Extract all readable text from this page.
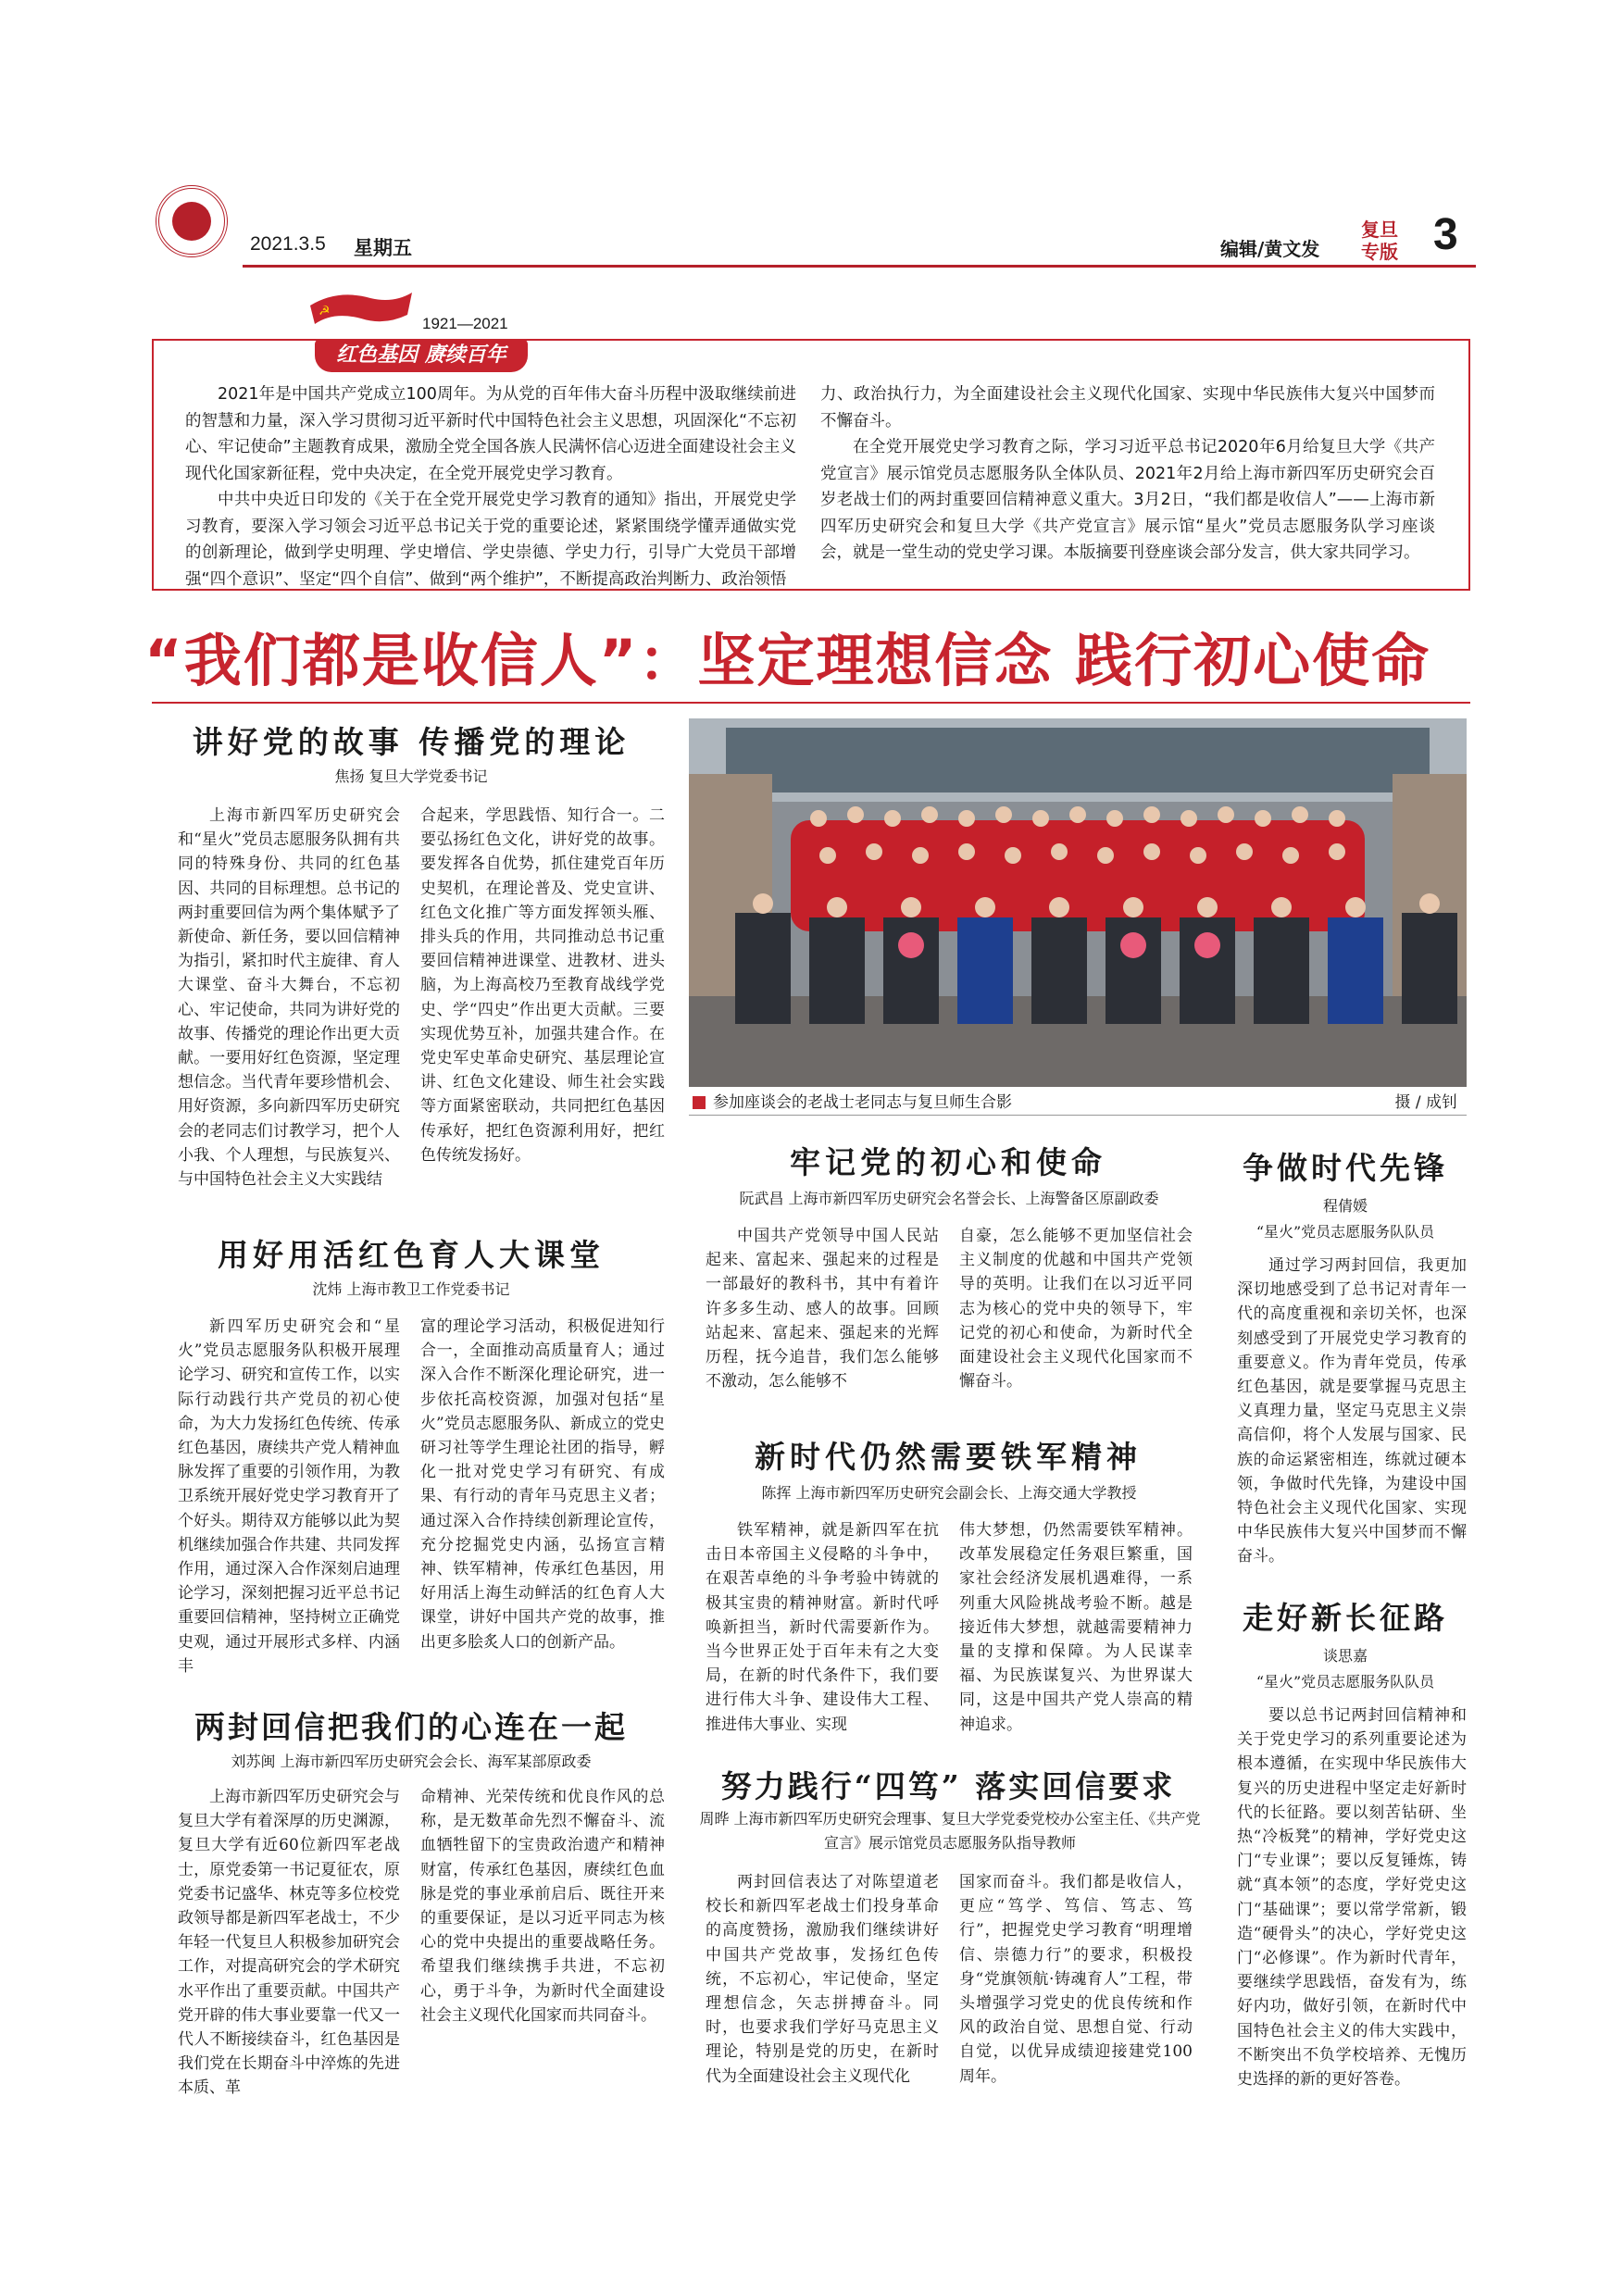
2021.3.5 星期五	编辑/黄文发
复旦
专版 3
☭
1921—2021
红色基因 赓续百年

2021年是中国共产党成立100周年。为从党的百年伟大奋斗历程中汲取继续前进的智慧和力量，深入学习贯彻习近平新时代中国特色社会主义思想，巩固深化“不忘初心、牢记使命”主题教育成果，激励全党全国各族人民满怀信心迈进全面建设社会主义现代化国家新征程，党中央决定，在全党开展党史学习教育。

中共中央近日印发的《关于在全党开展党史学习教育的通知》指出，开展党史学习教育，要深入学习领会习近平总书记关于党的重要论述，紧紧围绕学懂弄通做实党的创新理论，做到学史明理、学史增信、学史崇德、学史力行，引导广大党员干部增强“四个意识”、坚定“四个自信”、做到“两个维护”，不断提高政治判断力、政治领悟

力、政治执行力，为全面建设社会主义现代化国家、实现中华民族伟大复兴中国梦而不懈奋斗。

在全党开展党史学习教育之际，学习习近平总书记2020年6月给复旦大学《共产党宣言》展示馆党员志愿服务队全体队员、2021年2月给上海市新四军历史研究会百岁老战士们的两封重要回信精神意义重大。3月2日，“我们都是收信人”——上海市新四军历史研究会和复旦大学《共产党宣言》展示馆“星火”党员志愿服务队学习座谈会，就是一堂生动的党史学习课。本版摘要刊登座谈会部分发言，供大家共同学习。

“我们都是收信人”：坚定理想信念 践行初心使命
讲好党的故事 传播党的理论
焦扬 复旦大学党委书记

上海市新四军历史研究会和“星火”党员志愿服务队拥有共同的特殊身份、共同的红色基因、共同的目标理想。总书记的两封重要回信为两个集体赋予了新使命、新任务，要以回信精神为指引，紧扣时代主旋律、育人大课堂、奋斗大舞台，不忘初心、牢记使命，共同为讲好党的故事、传播党的理论作出更大贡献。一要用好红色资源，坚定理想信念。当代青年要珍惜机会、用好资源，多向新四军历史研究会的老同志们讨教学习，把个人小我、个人理想，与民族复兴、与中国特色社会主义大实践结

合起来，学思践悟、知行合一。二要弘扬红色文化，讲好党的故事。要发挥各自优势，抓住建党百年历史契机，在理论普及、党史宣讲、红色文化推广等方面发挥领头雁、排头兵的作用，共同推动总书记重要回信精神进课堂、进教材、进头脑，为上海高校乃至教育战线学党史、学“四史”作出更大贡献。三要实现优势互补，加强共建合作。在党史军史革命史研究、基层理论宣讲、红色文化建设、师生社会实践等方面紧密联动，共同把红色基因传承好，把红色资源利用好，把红色传统发扬好。

参加座谈会的老战士老同志与复旦师生合影	摄 / 成钊
用好用活红色育人大课堂
沈炜 上海市教卫工作党委书记

新四军历史研究会和“星火”党员志愿服务队积极开展理论学习、研究和宣传工作，以实际行动践行共产党员的初心使命，为大力发扬红色传统、传承红色基因，赓续共产党人精神血脉发挥了重要的引领作用，为教卫系统开展好党史学习教育开了个好头。期待双方能够以此为契机继续加强合作共建、共同发挥作用，通过深入合作深刻启迪理论学习，深刻把握习近平总书记重要回信精神，坚持树立正确党史观，通过开展形式多样、内涵丰

富的理论学习活动，积极促进知行合一，全面推动高质量育人；通过深入合作不断深化理论研究，进一步依托高校资源，加强对包括“星火”党员志愿服务队、新成立的党史研习社等学生理论社团的指导，孵化一批对党史学习有研究、有成果、有行动的青年马克思主义者；通过深入合作持续创新理论宣传，充分挖掘党史内涵，弘扬宣言精神、铁军精神，传承红色基因，用好用活上海生动鲜活的红色育人大课堂，讲好中国共产党的故事，推出更多脍炙人口的创新产品。

两封回信把我们的心连在一起
刘苏闽 上海市新四军历史研究会会长、海军某部原政委

上海市新四军历史研究会与复旦大学有着深厚的历史渊源，复旦大学有近60位新四军老战士，原党委第一书记夏征农，原党委书记盛华、林克等多位校党政领导都是新四军老战士，不少年轻一代复旦人积极参加研究会工作，对提高研究会的学术研究水平作出了重要贡献。中国共产党开辟的伟大事业要靠一代又一代人不断接续奋斗，红色基因是我们党在长期奋斗中淬炼的先进本质、革

命精神、光荣传统和优良作风的总称，是无数革命先烈不懈奋斗、流血牺牲留下的宝贵政治遗产和精神财富，传承红色基因，赓续红色血脉是党的事业承前启后、既往开来的重要保证，是以习近平同志为核心的党中央提出的重要战略任务。希望我们继续携手共进，不忘初心，勇于斗争，为新时代全面建设社会主义现代化国家而共同奋斗。

牢记党的初心和使命
阮武昌 上海市新四军历史研究会名誉会长、上海警备区原副政委

中国共产党领导中国人民站起来、富起来、强起来的过程是一部最好的教科书，其中有着许许多多生动、感人的故事。回顾站起来、富起来、强起来的光辉历程，抚今追昔，我们怎么能够不激动，怎么能够不

自豪，怎么能够不更加坚信社会主义制度的优越和中国共产党领导的英明。让我们在以习近平同志为核心的党中央的领导下，牢记党的初心和使命，为新时代全面建设社会主义现代化国家而不懈奋斗。

新时代仍然需要铁军精神
陈挥 上海市新四军历史研究会副会长、上海交通大学教授

铁军精神，就是新四军在抗击日本帝国主义侵略的斗争中，在艰苦卓绝的斗争考验中铸就的极其宝贵的精神财富。新时代呼唤新担当，新时代需要新作为。当今世界正处于百年未有之大变局，在新的时代条件下，我们要进行伟大斗争、建设伟大工程、推进伟大事业、实现

伟大梦想，仍然需要铁军精神。改革发展稳定任务艰巨繁重，国家社会经济发展机遇难得，一系列重大风险挑战考验不断。越是接近伟大梦想，就越需要精神力量的支撑和保障。为人民谋幸福、为民族谋复兴、为世界谋大同，这是中国共产党人崇高的精神追求。

努力践行“四笃” 落实回信要求
周晔 上海市新四军历史研究会理事、复旦大学党委党校办公室主任、《共产党宣言》展示馆党员志愿服务队指导教师

两封回信表达了对陈望道老校长和新四军老战士们投身革命的高度赞扬，激励我们继续讲好中国共产党故事，发扬红色传统，不忘初心，牢记使命，坚定理想信念，矢志拼搏奋斗。同时，也要求我们学好马克思主义理论，特别是党的历史，在新时代为全面建设社会主义现代化

国家而奋斗。我们都是收信人，更应“笃学、笃信、笃志、笃行”，把握党史学习教育“明理增信、崇德力行”的要求，积极投身“党旗领航·铸魂育人”工程，带头增强学习党史的优良传统和作风的政治自觉、思想自觉、行动自觉，以优异成绩迎接建党100周年。

争做时代先锋
程倩媛
“星火”党员志愿服务队队员

通过学习两封回信，我更加深切地感受到了总书记对青年一代的高度重视和亲切关怀，也深刻感受到了开展党史学习教育的重要意义。作为青年党员，传承红色基因，就是要掌握马克思主义真理力量，坚定马克思主义崇高信仰，将个人发展与国家、民族的命运紧密相连，练就过硬本领，争做时代先锋，为建设中国特色社会主义现代化国家、实现中华民族伟大复兴中国梦而不懈奋斗。

走好新长征路
谈思嘉
“星火”党员志愿服务队队员

要以总书记两封回信精神和关于党史学习的系列重要论述为根本遵循，在实现中华民族伟大复兴的历史进程中坚定走好新时代的长征路。要以刻苦钻研、坐热“冷板凳”的精神，学好党史这门“专业课”；要以反复锤炼，铸就“真本领”的态度，学好党史这门“基础课”；要以常学常新，锻造“硬骨头”的决心，学好党史这门“必修课”。作为新时代青年，要继续学思践悟，奋发有为，练好内功，做好引领，在新时代中国特色社会主义的伟大实践中，不断突出不负学校培养、无愧历史选择的新的更好答卷。
